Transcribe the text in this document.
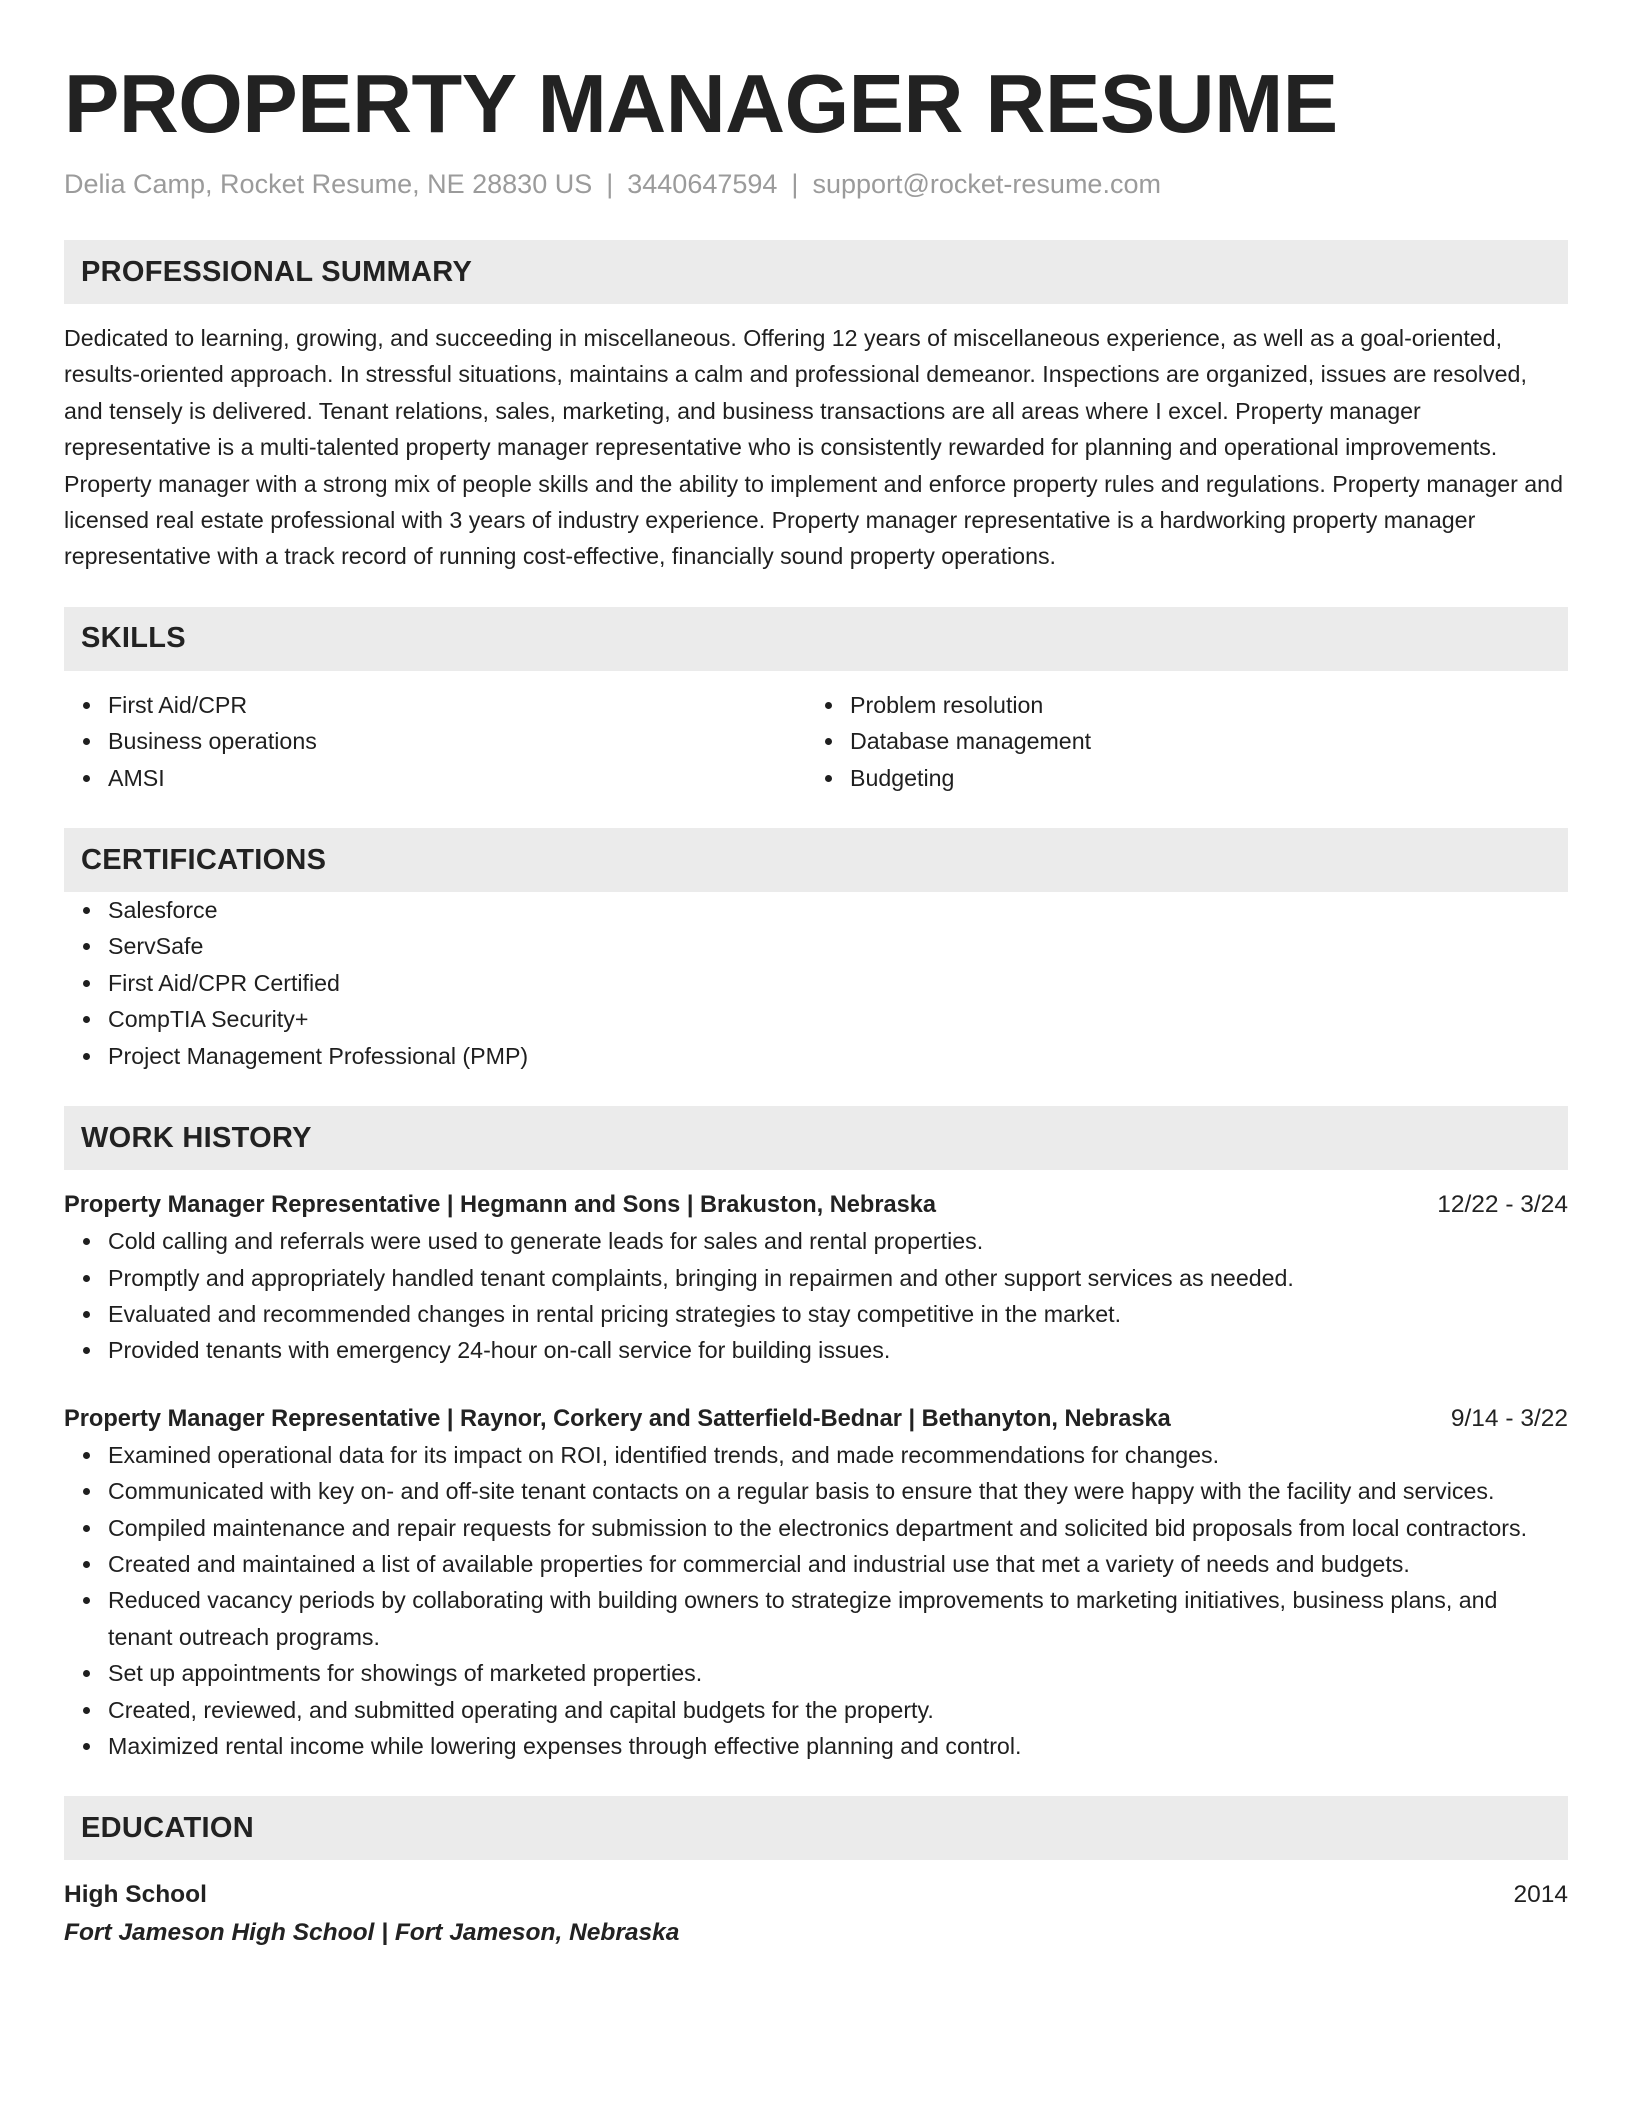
PROPERTY MANAGER RESUME
Delia Camp, Rocket Resume, NE 28830 US | 3440647594 | support@rocket-resume.com
PROFESSIONAL SUMMARY
Dedicated to learning, growing, and succeeding in miscellaneous. Offering 12 years of miscellaneous experience, as well as a goal-oriented, results-oriented approach. In stressful situations, maintains a calm and professional demeanor. Inspections are organized, issues are resolved, and tensely is delivered. Tenant relations, sales, marketing, and business transactions are all areas where I excel. Property manager representative is a multi-talented property manager representative who is consistently rewarded for planning and operational improvements. Property manager with a strong mix of people skills and the ability to implement and enforce property rules and regulations. Property manager and licensed real estate professional with 3 years of industry experience. Property manager representative is a hardworking property manager representative with a track record of running cost-effective, financially sound property operations.
SKILLS
First Aid/CPR
Business operations
AMSI
Problem resolution
Database management
Budgeting
CERTIFICATIONS
Salesforce
ServSafe
First Aid/CPR Certified
CompTIA Security+
Project Management Professional (PMP)
WORK HISTORY
Property Manager Representative | Hegmann and Sons | Brakuston, Nebraska	12/22 - 3/24
Cold calling and referrals were used to generate leads for sales and rental properties.
Promptly and appropriately handled tenant complaints, bringing in repairmen and other support services as needed.
Evaluated and recommended changes in rental pricing strategies to stay competitive in the market.
Provided tenants with emergency 24-hour on-call service for building issues.
Property Manager Representative | Raynor, Corkery and Satterfield-Bednar | Bethanyton, Nebraska	9/14 - 3/22
Examined operational data for its impact on ROI, identified trends, and made recommendations for changes.
Communicated with key on- and off-site tenant contacts on a regular basis to ensure that they were happy with the facility and services.
Compiled maintenance and repair requests for submission to the electronics department and solicited bid proposals from local contractors.
Created and maintained a list of available properties for commercial and industrial use that met a variety of needs and budgets.
Reduced vacancy periods by collaborating with building owners to strategize improvements to marketing initiatives, business plans, and tenant outreach programs.
Set up appointments for showings of marketed properties.
Created, reviewed, and submitted operating and capital budgets for the property.
Maximized rental income while lowering expenses through effective planning and control.
EDUCATION
High School	2014
Fort Jameson High School | Fort Jameson, Nebraska
